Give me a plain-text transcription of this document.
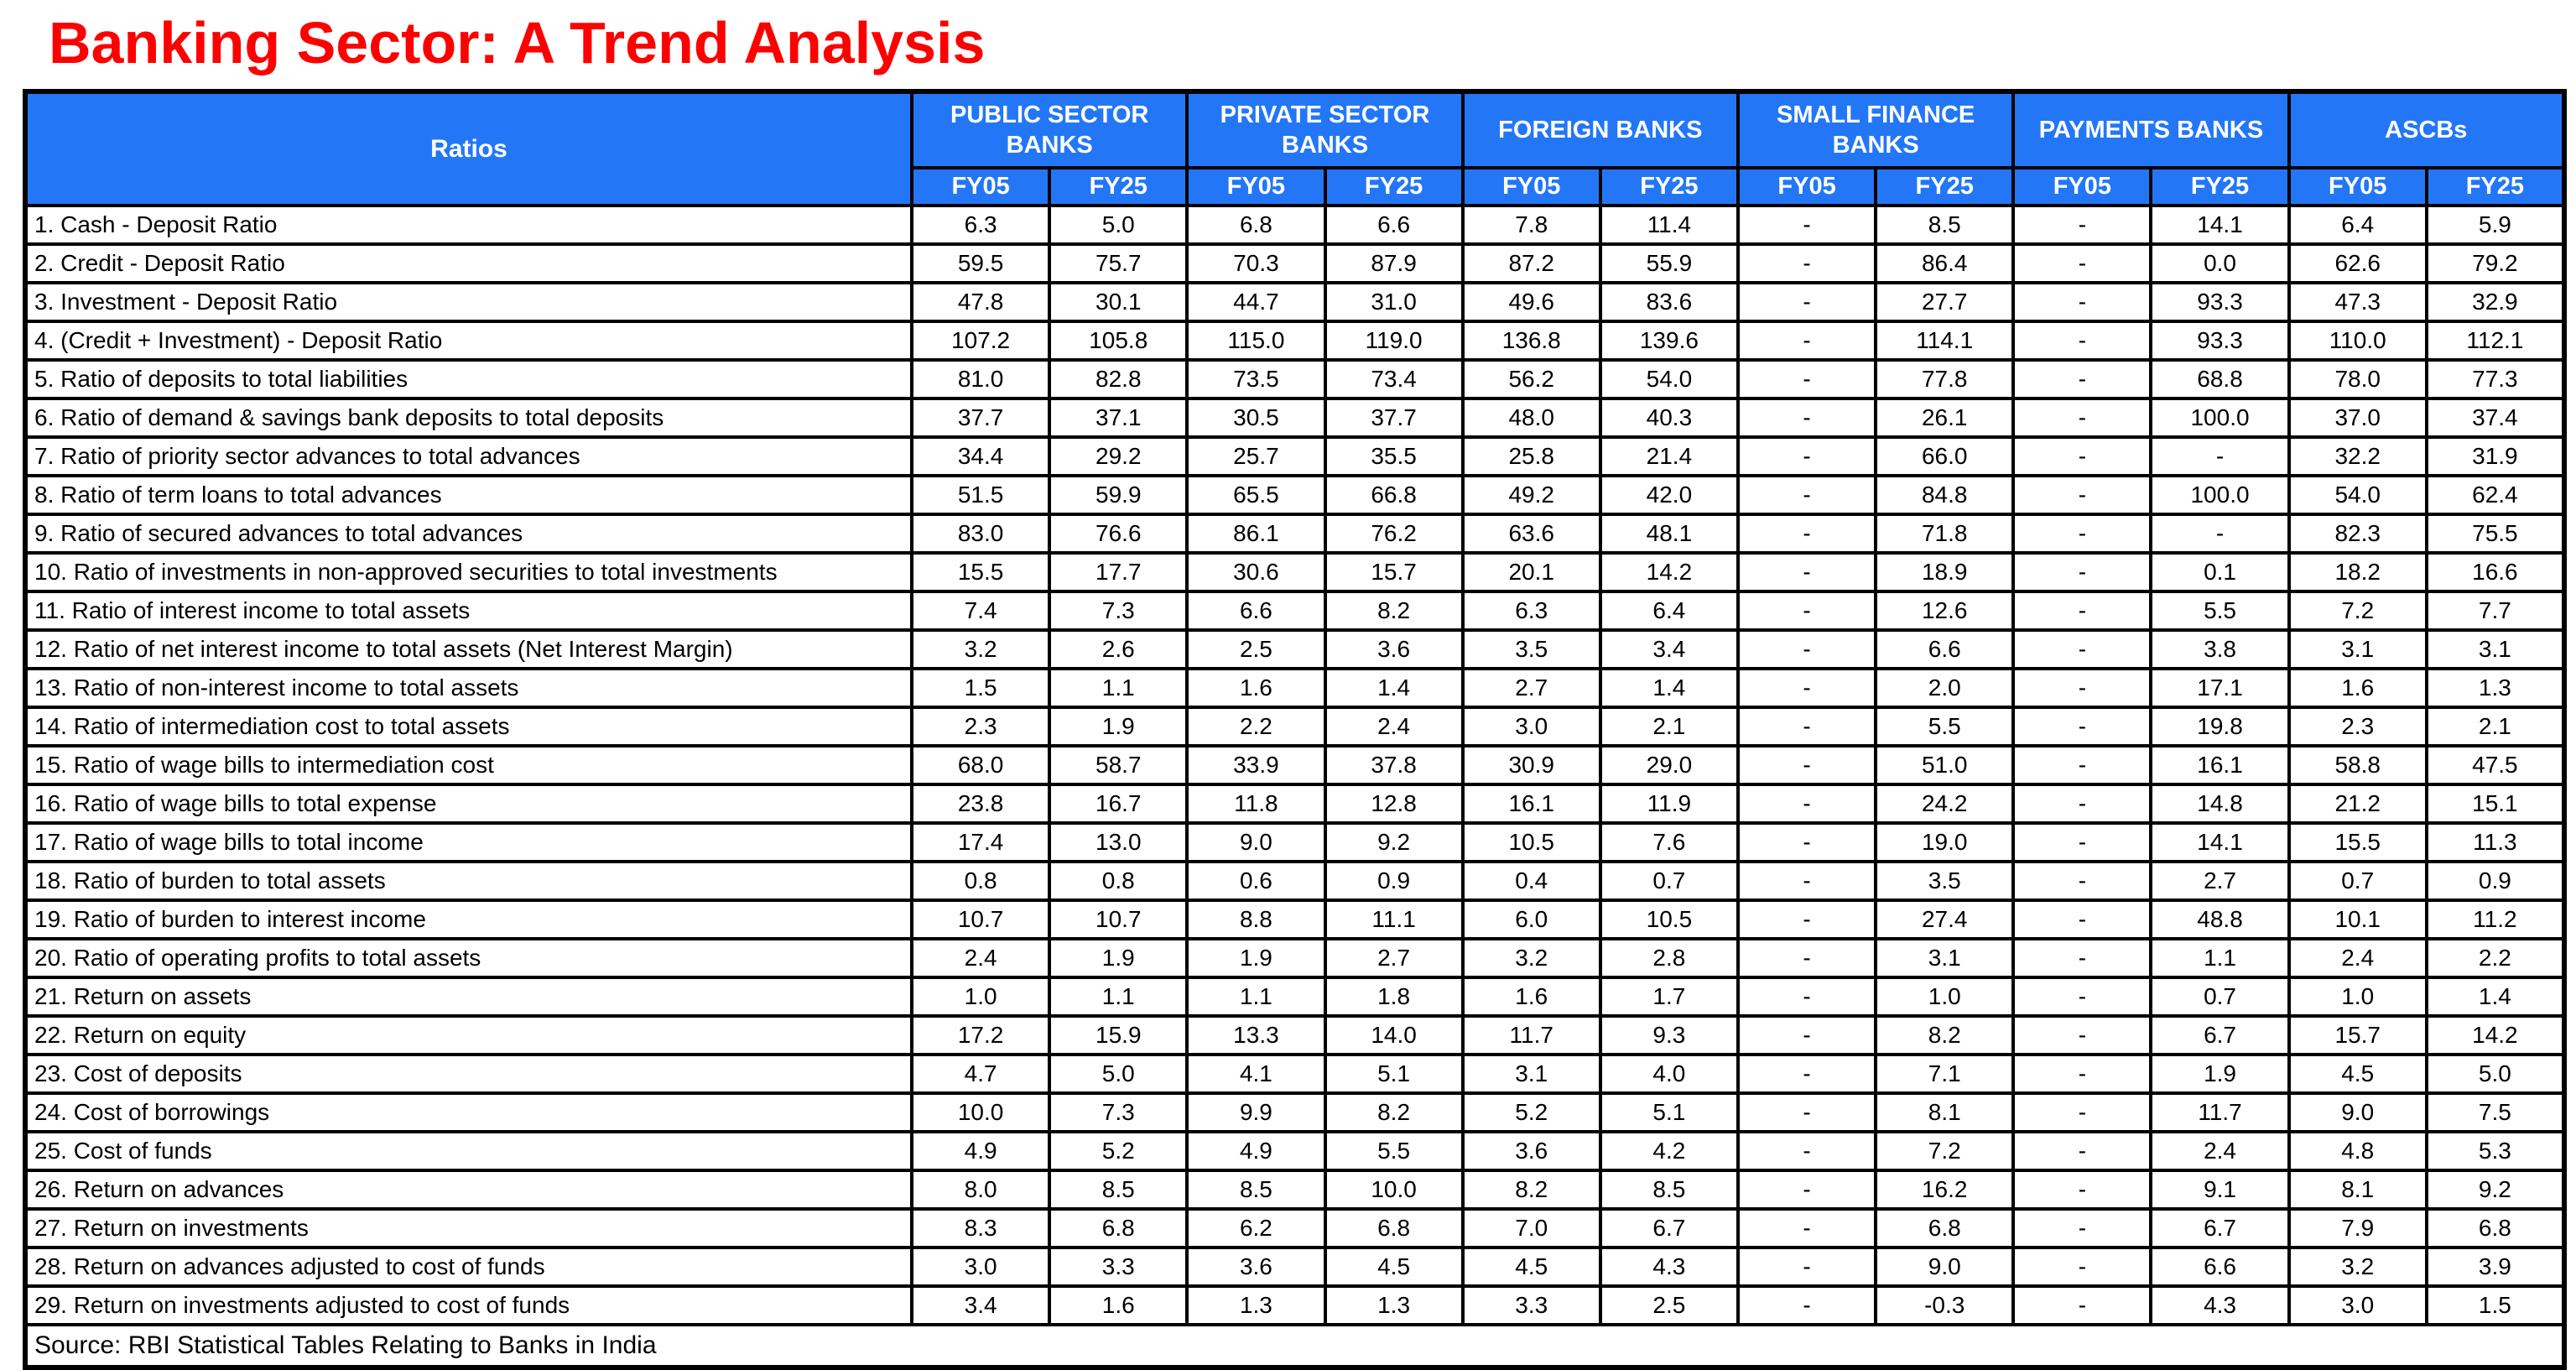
Banking Sector: A Trend Analysis
Ratios	PUBLIC SECTOR BANKS		PRIVATE SECTOR BANKS		FOREIGN BANKS		SMALL FINANCE BANKS		PAYMENTS BANKS		ASCBs	
	FY05	FY25	FY05	FY25	FY05	FY25	FY05	FY25	FY05	FY25	FY05	FY25
1. Cash - Deposit Ratio	6.3	5.0	6.8	6.6	7.8	11.4	-	8.5	-	14.1	6.4	5.9
2. Credit - Deposit Ratio	59.5	75.7	70.3	87.9	87.2	55.9	-	86.4	-	0.0	62.6	79.2
3. Investment - Deposit Ratio	47.8	30.1	44.7	31.0	49.6	83.6	-	27.7	-	93.3	47.3	32.9
4. (Credit + Investment) - Deposit Ratio	107.2	105.8	115.0	119.0	136.8	139.6	-	114.1	-	93.3	110.0	112.1
5. Ratio of deposits to total liabilities	81.0	82.8	73.5	73.4	56.2	54.0	-	77.8	-	68.8	78.0	77.3
6. Ratio of demand & savings bank deposits to total deposits	37.7	37.1	30.5	37.7	48.0	40.3	-	26.1	-	100.0	37.0	37.4
7. Ratio of priority sector advances to total advances	34.4	29.2	25.7	35.5	25.8	21.4	-	66.0	-	-	32.2	31.9
8. Ratio of term loans to total advances	51.5	59.9	65.5	66.8	49.2	42.0	-	84.8	-	100.0	54.0	62.4
9. Ratio of secured advances to total advances	83.0	76.6	86.1	76.2	63.6	48.1	-	71.8	-	-	82.3	75.5
10. Ratio of investments in non-approved securities to total investments	15.5	17.7	30.6	15.7	20.1	14.2	-	18.9	-	0.1	18.2	16.6
11. Ratio of interest income to total assets	7.4	7.3	6.6	8.2	6.3	6.4	-	12.6	-	5.5	7.2	7.7
12. Ratio of net interest income to total assets (Net Interest Margin)	3.2	2.6	2.5	3.6	3.5	3.4	-	6.6	-	3.8	3.1	3.1
13. Ratio of non-interest income to total assets	1.5	1.1	1.6	1.4	2.7	1.4	-	2.0	-	17.1	1.6	1.3
14. Ratio of intermediation cost to total assets	2.3	1.9	2.2	2.4	3.0	2.1	-	5.5	-	19.8	2.3	2.1
15. Ratio of wage bills to intermediation cost	68.0	58.7	33.9	37.8	30.9	29.0	-	51.0	-	16.1	58.8	47.5
16. Ratio of wage bills to total expense	23.8	16.7	11.8	12.8	16.1	11.9	-	24.2	-	14.8	21.2	15.1
17. Ratio of wage bills to total income	17.4	13.0	9.0	9.2	10.5	7.6	-	19.0	-	14.1	15.5	11.3
18. Ratio of burden to total assets	0.8	0.8	0.6	0.9	0.4	0.7	-	3.5	-	2.7	0.7	0.9
19. Ratio of burden to interest income	10.7	10.7	8.8	11.1	6.0	10.5	-	27.4	-	48.8	10.1	11.2
20. Ratio of operating profits to total assets	2.4	1.9	1.9	2.7	3.2	2.8	-	3.1	-	1.1	2.4	2.2
21. Return on assets	1.0	1.1	1.1	1.8	1.6	1.7	-	1.0	-	0.7	1.0	1.4
22. Return on equity	17.2	15.9	13.3	14.0	11.7	9.3	-	8.2	-	6.7	15.7	14.2
23. Cost of deposits	4.7	5.0	4.1	5.1	3.1	4.0	-	7.1	-	1.9	4.5	5.0
24. Cost of borrowings	10.0	7.3	9.9	8.2	5.2	5.1	-	8.1	-	11.7	9.0	7.5
25. Cost of funds	4.9	5.2	4.9	5.5	3.6	4.2	-	7.2	-	2.4	4.8	5.3
26. Return on advances	8.0	8.5	8.5	10.0	8.2	8.5	-	16.2	-	9.1	8.1	9.2
27. Return on investments	8.3	6.8	6.2	6.8	7.0	6.7	-	6.8	-	6.7	7.9	6.8
28. Return on advances adjusted to cost of funds	3.0	3.3	3.6	4.5	4.5	4.3	-	9.0	-	6.6	3.2	3.9
29. Return on investments adjusted to cost of funds	3.4	1.6	1.3	1.3	3.3	2.5	-	-0.3	-	4.3	3.0	1.5
Source: RBI Statistical Tables Relating to Banks in India												
